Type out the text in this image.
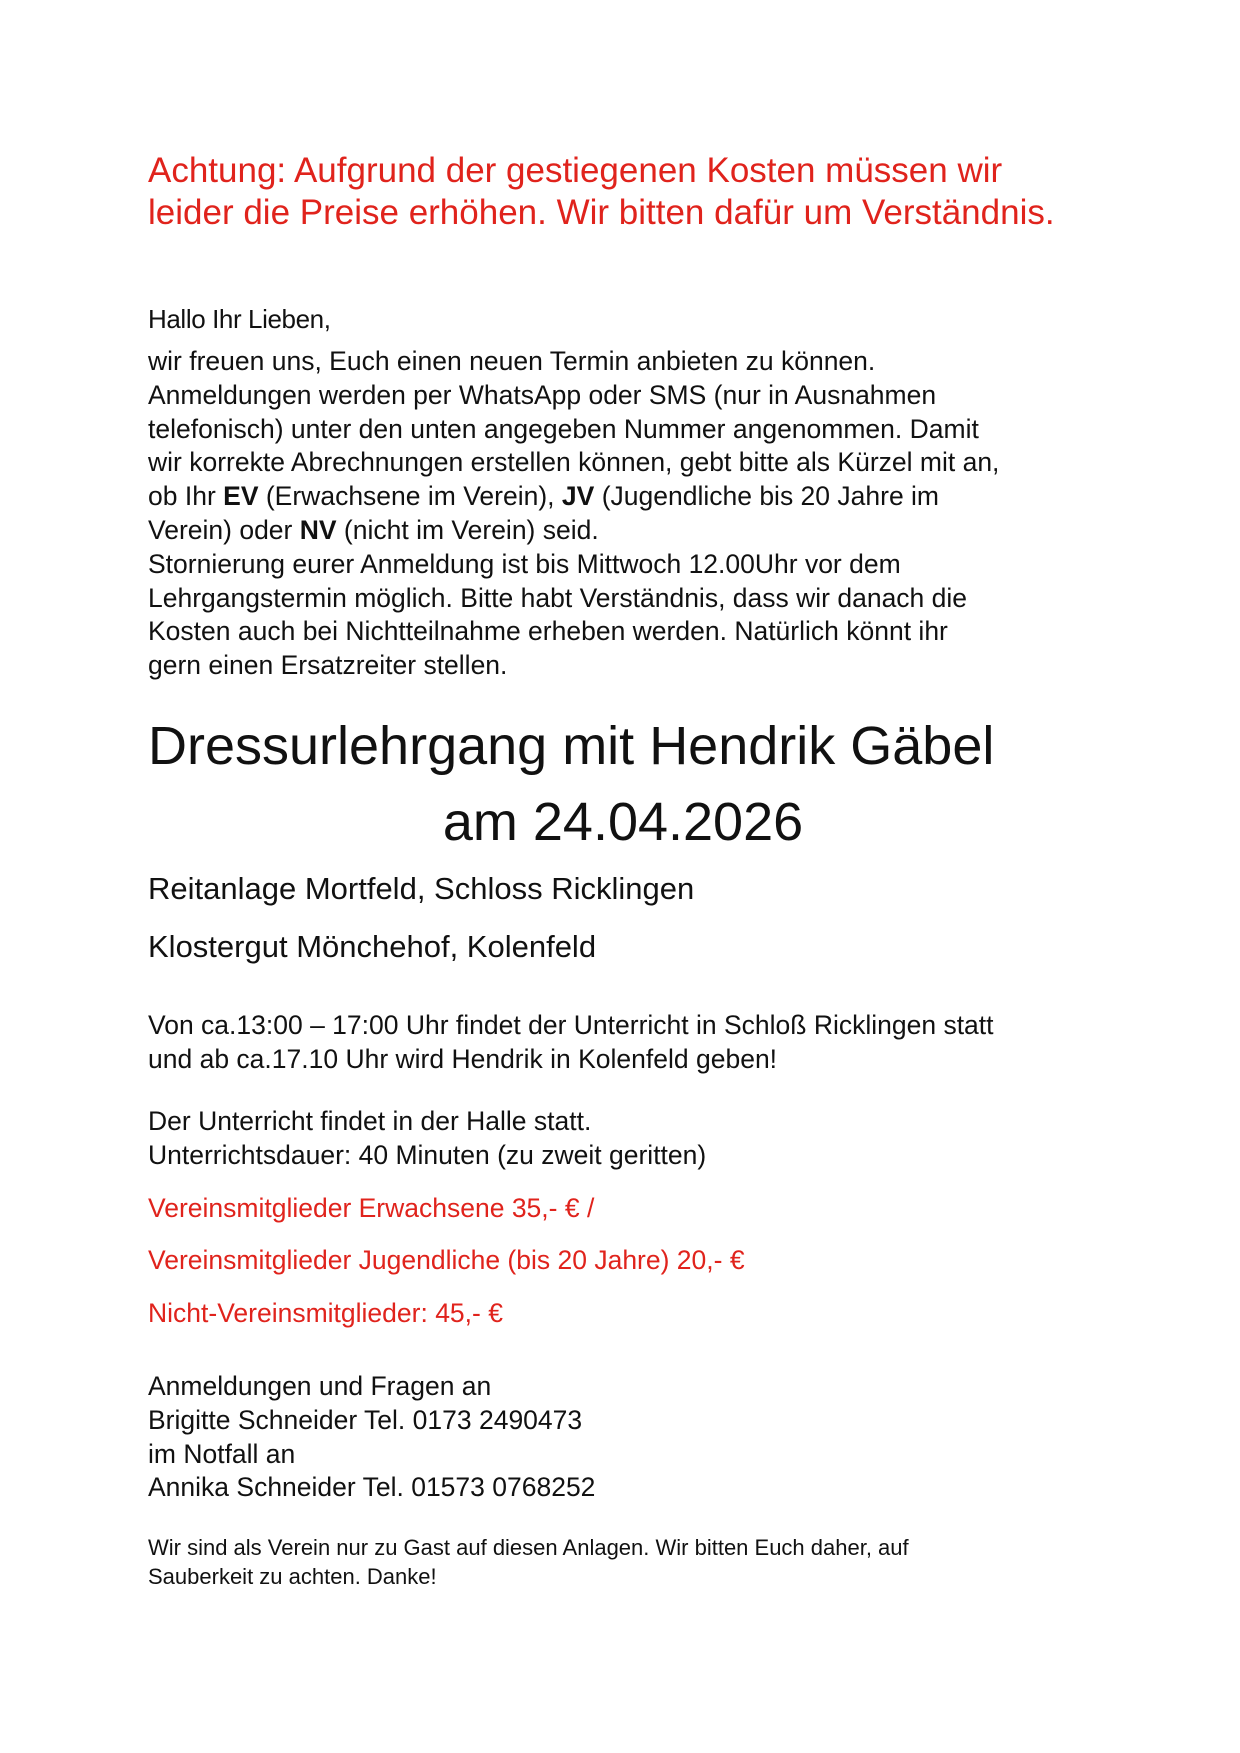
Achtung: Aufgrund der gestiegenen Kosten müssen wir
leider die Preise erhöhen. Wir bitten dafür um Verständnis.
Hallo Ihr Lieben,
wir freuen uns, Euch einen neuen Termin anbieten zu können.
Anmeldungen werden per WhatsApp oder SMS (nur in Ausnahmen
telefonisch) unter den unten angegeben Nummer angenommen. Damit
wir korrekte Abrechnungen erstellen können, gebt bitte als Kürzel mit an,
ob Ihr EV (Erwachsene im Verein), JV (Jugendliche bis 20 Jahre im
Verein) oder NV (nicht im Verein) seid.
Stornierung eurer Anmeldung ist bis Mittwoch 12.00Uhr vor dem
Lehrgangstermin möglich. Bitte habt Verständnis, dass wir danach die
Kosten auch bei Nichtteilnahme erheben werden. Natürlich könnt ihr
gern einen Ersatzreiter stellen.
Dressurlehrgang mit Hendrik Gäbel
am 24.04.2026
Reitanlage Mortfeld, Schloss Ricklingen
Klostergut Mönchehof, Kolenfeld
Von ca.13:00 – 17:00 Uhr findet der Unterricht in Schloß Ricklingen statt
und ab ca.17.10 Uhr wird Hendrik in Kolenfeld geben!
Der Unterricht findet in der Halle statt.
Unterrichtsdauer: 40 Minuten (zu zweit geritten)
Vereinsmitglieder Erwachsene 35,- € /
Vereinsmitglieder Jugendliche (bis 20 Jahre) 20,- €
Nicht-Vereinsmitglieder: 45,- €
Anmeldungen und Fragen an
Brigitte Schneider Tel. 0173 2490473
im Notfall an
Annika Schneider Tel. 01573 0768252
Wir sind als Verein nur zu Gast auf diesen Anlagen. Wir bitten Euch daher, auf
Sauberkeit zu achten. Danke!
